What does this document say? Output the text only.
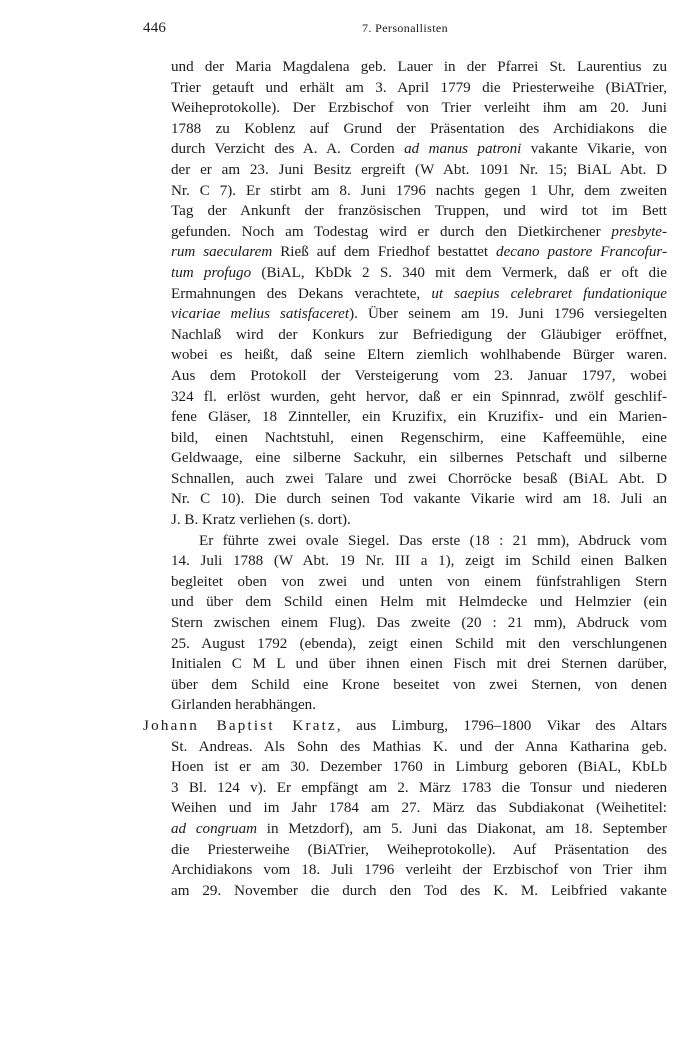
446	7. Personallisten
und der Maria Magdalena geb. Lauer in der Pfarrei St. Laurentius zu
Trier getauft und erhält am 3. April 1779 die Priesterweihe (BiATrier,
Weiheprotokolle). Der Erzbischof von Trier verleiht ihm am 20. Juni
1788 zu Koblenz auf Grund der Präsentation des Archidiakons die
durch Verzicht des A. A. Corden ad manus patroni vakante Vikarie, von
der er am 23. Juni Besitz ergreift (W Abt. 1091 Nr. 15; BiAL Abt. D
Nr. C 7). Er stirbt am 8. Juni 1796 nachts gegen 1 Uhr, dem zweiten
Tag der Ankunft der französischen Truppen, und wird tot im Bett
gefunden. Noch am Todestag wird er durch den Dietkirchener presbyte-
rum saecularem Rieß auf dem Friedhof bestattet decano pastore Francofur-
tum profugo (BiAL, KbDk 2 S. 340 mit dem Vermerk, daß er oft die
Ermahnungen des Dekans verachtete, ut saepius celebraret fundationique
vicariae melius satisfaceret). Über seinem am 19. Juni 1796 versiegelten
Nachlaß wird der Konkurs zur Befriedigung der Gläubiger eröffnet,
wobei es heißt, daß seine Eltern ziemlich wohlhabende Bürger waren.
Aus dem Protokoll der Versteigerung vom 23. Januar 1797, wobei
324 fl. erlöst wurden, geht hervor, daß er ein Spinnrad, zwölf geschlif-
fene Gläser, 18 Zinnteller, ein Kruzifix, ein Kruzifix- und ein Marien-
bild, einen Nachtstuhl, einen Regenschirm, eine Kaffeemühle, eine
Geldwaage, eine silberne Sackuhr, ein silbernes Petschaft und silberne
Schnallen, auch zwei Talare und zwei Chorröcke besaß (BiAL Abt. D
Nr. C 10). Die durch seinen Tod vakante Vikarie wird am 18. Juli an
J. B. Kratz verliehen (s. dort).
Er führte zwei ovale Siegel. Das erste (18 : 21 mm), Abdruck vom
14. Juli 1788 (W Abt. 19 Nr. III a 1), zeigt im Schild einen Balken
begleitet oben von zwei und unten von einem fünfstrahligen Stern
und über dem Schild einen Helm mit Helmdecke und Helmzier (ein
Stern zwischen einem Flug). Das zweite (20 : 21 mm), Abdruck vom
25. August 1792 (ebenda), zeigt einen Schild mit den verschlungenen
Initialen C M L und über ihnen einen Fisch mit drei Sternen darüber,
über dem Schild eine Krone beseitet von zwei Sternen, von denen
Girlanden herabhängen.
Johann Baptist Kratz, aus Limburg, 1796–1800 Vikar des Altars
St. Andreas. Als Sohn des Mathias K. und der Anna Katharina geb.
Hoen ist er am 30. Dezember 1760 in Limburg geboren (BiAL, KbLb
3 Bl. 124 v). Er empfängt am 2. März 1783 die Tonsur und niederen
Weihen und im Jahr 1784 am 27. März das Subdiakonat (Weihetitel:
ad congruam in Metzdorf), am 5. Juni das Diakonat, am 18. September
die Priesterweihe (BiATrier, Weiheprotokolle). Auf Präsentation des
Archidiakons vom 18. Juli 1796 verleiht der Erzbischof von Trier ihm
am 29. November die durch den Tod des K. M. Leibfried vakante
